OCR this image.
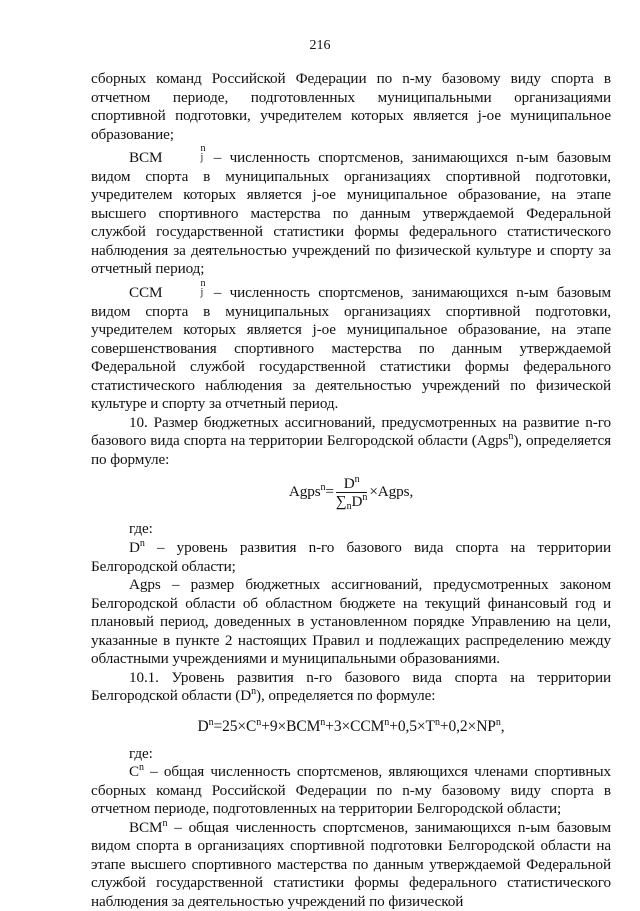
216

сборных команд Российской Федерации по n-му базовому виду спорта в отчетном периоде, подготовленных муниципальными организациями спортивной подготовки, учредителем которых является j-ое муниципальное образование;

ВСМ
n
j – численность спортсменов, занимающихся n-ым базовым видом спорта в муниципальных организациях спортивной подготовки, учредителем которых является j-ое муниципальное образование, на этапе высшего спортивного мастерства по данным утверждаемой Федеральной службой государственной статистики формы федерального статистического наблюдения за деятельностью учреждений по физической культуре и спорту за отчетный период;

ССМ
n
j – численность спортсменов, занимающихся n-ым базовым видом спорта в муниципальных организациях спортивной подготовки, учредителем которых является j-ое муниципальное образование, на этапе совершенствования спортивного мастерства по данным утверждаемой Федеральной службой государственной статистики формы федерального статистического наблюдения за деятельностью учреждений по физической культуре и спорту за отчетный период.

10. Размер бюджетных ассигнований, предусмотренных на развитие n-го базового вида спорта на территории Белгородской области (Agps$^n$), определяется по формуле:

Agps$^n$= $\frac{D^n}{\sum_nD^n}$ ×Agps,

где:

$D^n$ – уровень развития n-го базового вида спорта на территории Белгородской области;

Agps – размер бюджетных ассигнований, предусмотренных законом Белгородской области об областном бюджете на текущий финансовый год и плановый период, доведенных в установленном порядке Управлению на цели, указанные в пункте 2 настоящих Правил и подлежащих распределению между областными учреждениями и муниципальными образованиями.

10.1. Уровень развития n-го базового вида спорта на территории Белгородской области $(D^n)$, определяется по формуле:

$D^n=25\times С^n+9\times ВСМ^n+3\times ССМ^n+0,5\times Т^n+0,2\times NP^n$,

где:

$С^n$ – общая численность спортсменов, являющихся членами спортивных сборных команд Российской Федерации по n-му базовому виду спорта в отчетном периоде, подготовленных на территории Белгородской области;

ВСМ$^n$ – общая численность спортсменов, занимающихся n-ым базовым видом спорта в организациях спортивной подготовки Белгородской области на этапе высшего спортивного мастерства по данным утверждаемой Федеральной службой государственной статистики формы федерального статистического наблюдения за деятельностью учреждений по физической
